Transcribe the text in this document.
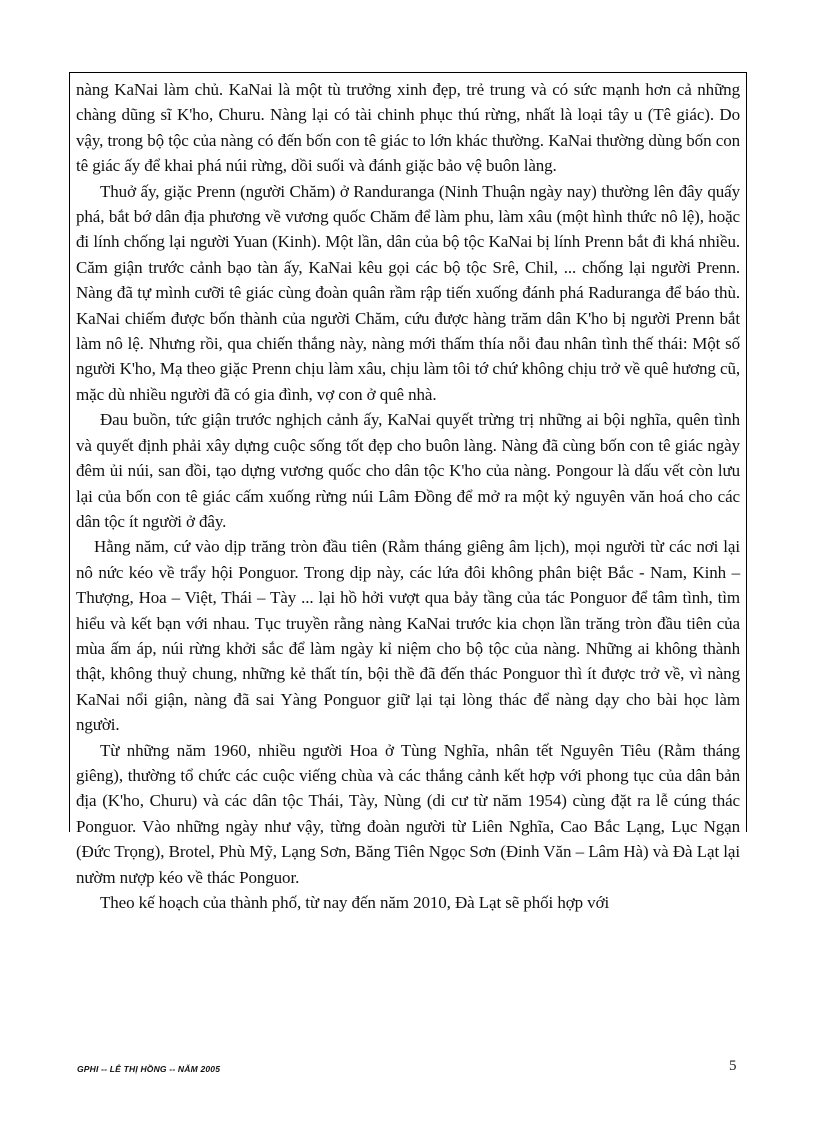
nàng KaNai làm chủ. KaNai là một tù trưởng xinh đẹp, trẻ trung và có sức mạnh hơn cả những chàng dũng sĩ K'ho, Churu. Nàng lại có tài chinh phục thú rừng, nhất là loại tây u (Tê giác). Do vậy, trong bộ tộc của nàng có đến bốn con tê giác to lớn khác thường. KaNai thường dùng bốn con tê giác ấy để khai phá núi rừng, dồi suối và đánh giặc bảo vệ buôn làng.

Thuở ấy, giặc Prenn (người Chăm) ở Randuranga (Ninh Thuận ngày nay) thường lên đây quấy phá, bắt bớ dân địa phương về vương quốc Chăm để làm phu, làm xâu (một hình thức nô lệ), hoặc đi lính chống lại người Yuan (Kinh). Một lần, dân của bộ tộc KaNai bị lính Prenn bắt đi khá nhiều. Căm giận trước cảnh bạo tàn ấy, KaNai kêu gọi các bộ tộc Srê, Chil, ... chống lại người Prenn. Nàng đã tự mình cưỡi tê giác cùng đoàn quân rầm rập tiến xuống đánh phá Raduranga để báo thù. KaNai chiếm được bốn thành của người Chăm, cứu được hàng trăm dân K'ho bị người Prenn bắt làm nô lệ. Nhưng rồi, qua chiến thắng này, nàng mới thấm thía nỗi đau nhân tình thế thái: Một số người K'ho, Mạ theo giặc Prenn chịu làm xâu, chịu làm tôi tớ chứ không chịu trở về quê hương cũ, mặc dù nhiều người đã có gia đình, vợ con ở quê nhà.

Đau buồn, tức giận trước nghịch cảnh ấy, KaNai quyết trừng trị những ai bội nghĩa, quên tình và quyết định phải xây dựng cuộc sống tốt đẹp cho buôn làng. Nàng đã cùng bốn con tê giác ngày đêm ủi núi, san đồi, tạo dựng vương quốc cho dân tộc K'ho của nàng. Pongour là dấu vết còn lưu lại của bốn con tê giác cấm xuống rừng núi Lâm Đồng để mở ra một kỷ nguyên văn hoá cho các dân tộc ít người ở đây.

Hằng năm, cứ vào dịp trăng tròn đầu tiên (Rằm tháng giêng âm lịch), mọi người từ các nơi lại nô nức kéo về trẩy hội Ponguor. Trong dịp này, các lứa đôi không phân biệt Bắc - Nam, Kinh – Thượng, Hoa – Việt, Thái – Tày ... lại hồ hởi vượt qua bảy tầng của tác Ponguor để tâm tình, tìm hiểu và kết bạn với nhau. Tục truyền rằng nàng KaNai trước kia chọn lần trăng tròn đầu tiên của mùa ấm áp, núi rừng khởi sắc để làm ngày kỉ niệm cho bộ tộc của nàng. Những ai không thành thật, không thuỷ chung, những kẻ thất tín, bội thề đã đến thác Ponguor thì ít được trở về, vì nàng KaNai nổi giận, nàng đã sai Yàng Ponguor giữ lại tại lòng thác để nàng dạy cho bài học làm người.

Từ những năm 1960, nhiều người Hoa ở Tùng Nghĩa, nhân tết Nguyên Tiêu (Rằm tháng giêng), thường tổ chức các cuộc viếng chùa và các thắng cảnh kết hợp với phong tục của dân bản địa (K'ho, Churu) và các dân tộc Thái, Tày, Nùng (di cư từ năm 1954) cùng đặt ra lễ cúng thác Ponguor. Vào những ngày như vậy, từng đoàn người từ Liên Nghĩa, Cao Bắc Lạng, Lục Ngạn (Đức Trọng), Brotel, Phù Mỹ, Lạng Sơn, Băng Tiên Ngọc Sơn (Đinh Văn – Lâm Hà) và Đà Lạt lại nườm nượp kéo về thác Ponguor.

Theo kế hoạch của thành phố, từ nay đến năm 2010, Đà Lạt sẽ phối hợp với

GPHI -- LÊ THỊ HỒNG -- NĂM 2005	5
